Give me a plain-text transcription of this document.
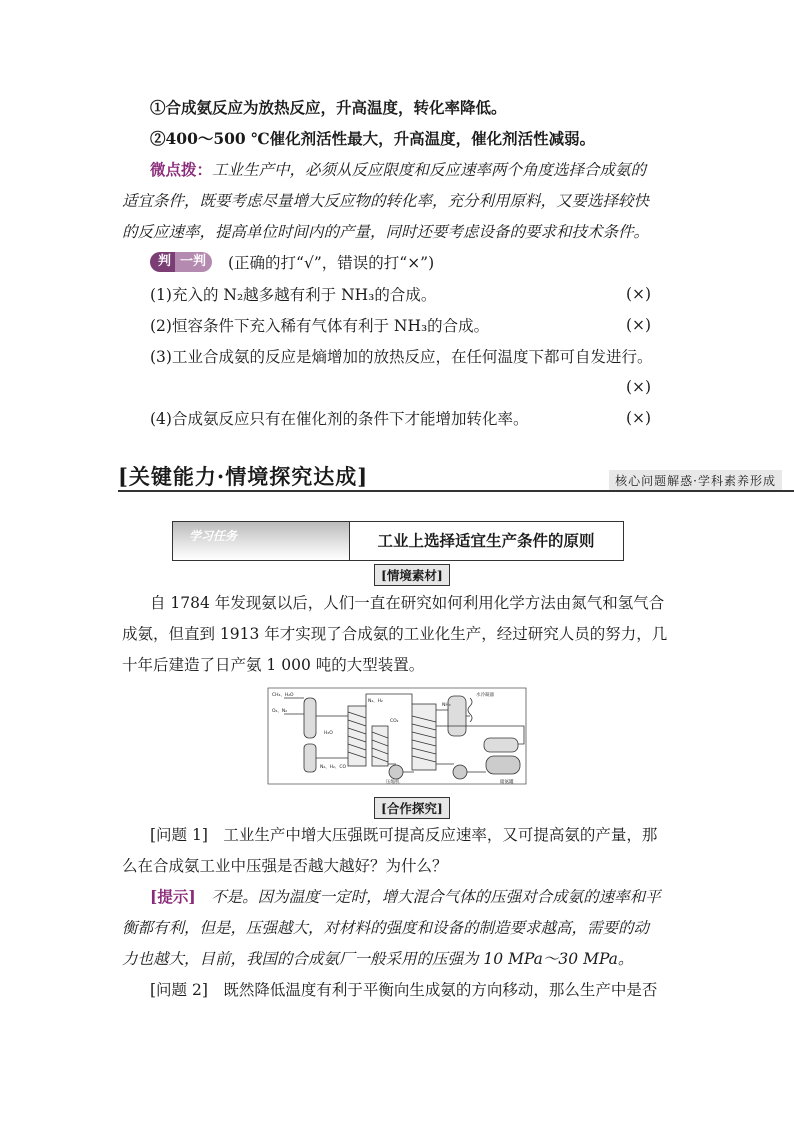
①合成氨反应为放热反应，升高温度，转化率降低。
②400～500 ℃催化剂活性最大，升高温度，催化剂活性减弱。
微点拨：工业生产中，必须从反应限度和反应速率两个角度选择合成氨的
适宜条件，既要考虑尽量增大反应物的转化率，充分利用原料，又要选择较快
的反应速率，提高单位时间内的产量，同时还要考虑设备的要求和技术条件。
判 一判 (正确的打“√”，错误的打“×”)
(1)充入的 N₂越多越有利于 NH₃的合成。	(×)
(2)恒容条件下充入稀有气体有利于 NH₃的合成。	(×)
(3)工业合成氨的反应是熵增加的放热反应，在任何温度下都可自发进行。
(×)
(4)合成氨反应只有在催化剂的条件下才能增加转化率。	(×)
[关键能力·情境探究达成]	核心问题解惑·学科素养形成
学习任务	工业上选择适宜生产条件的原则
[情境素材]
自 1784 年发现氨以后，人们一直在研究如何利用化学方法由氮气和氢气合
成氨，但直到 1913 年才实现了合成氨的工业化生产，经过研究人员的努力，几
十年后建造了日产氨 1 000 吨的大型装置。
CH₄、H₂O
O₂、N₂
N₂、H₂
H₂O
CO₂
N₂、H₂、CO
NH₃
水冷凝器
压缩机	储氨罐
[合作探究]
[问题 1]　工业生产中增大压强既可提高反应速率，又可提高氨的产量，那
么在合成氨工业中压强是否越大越好？为什么？
[提示]　不是。因为温度一定时，增大混合气体的压强对合成氨的速率和平
衡都有利，但是，压强越大，对材料的强度和设备的制造要求越高，需要的动
力也越大，目前，我国的合成氨厂一般采用的压强为 10 MPa～30 MPa。
[问题 2]　既然降低温度有利于平衡向生成氨的方向移动，那么生产中是否
